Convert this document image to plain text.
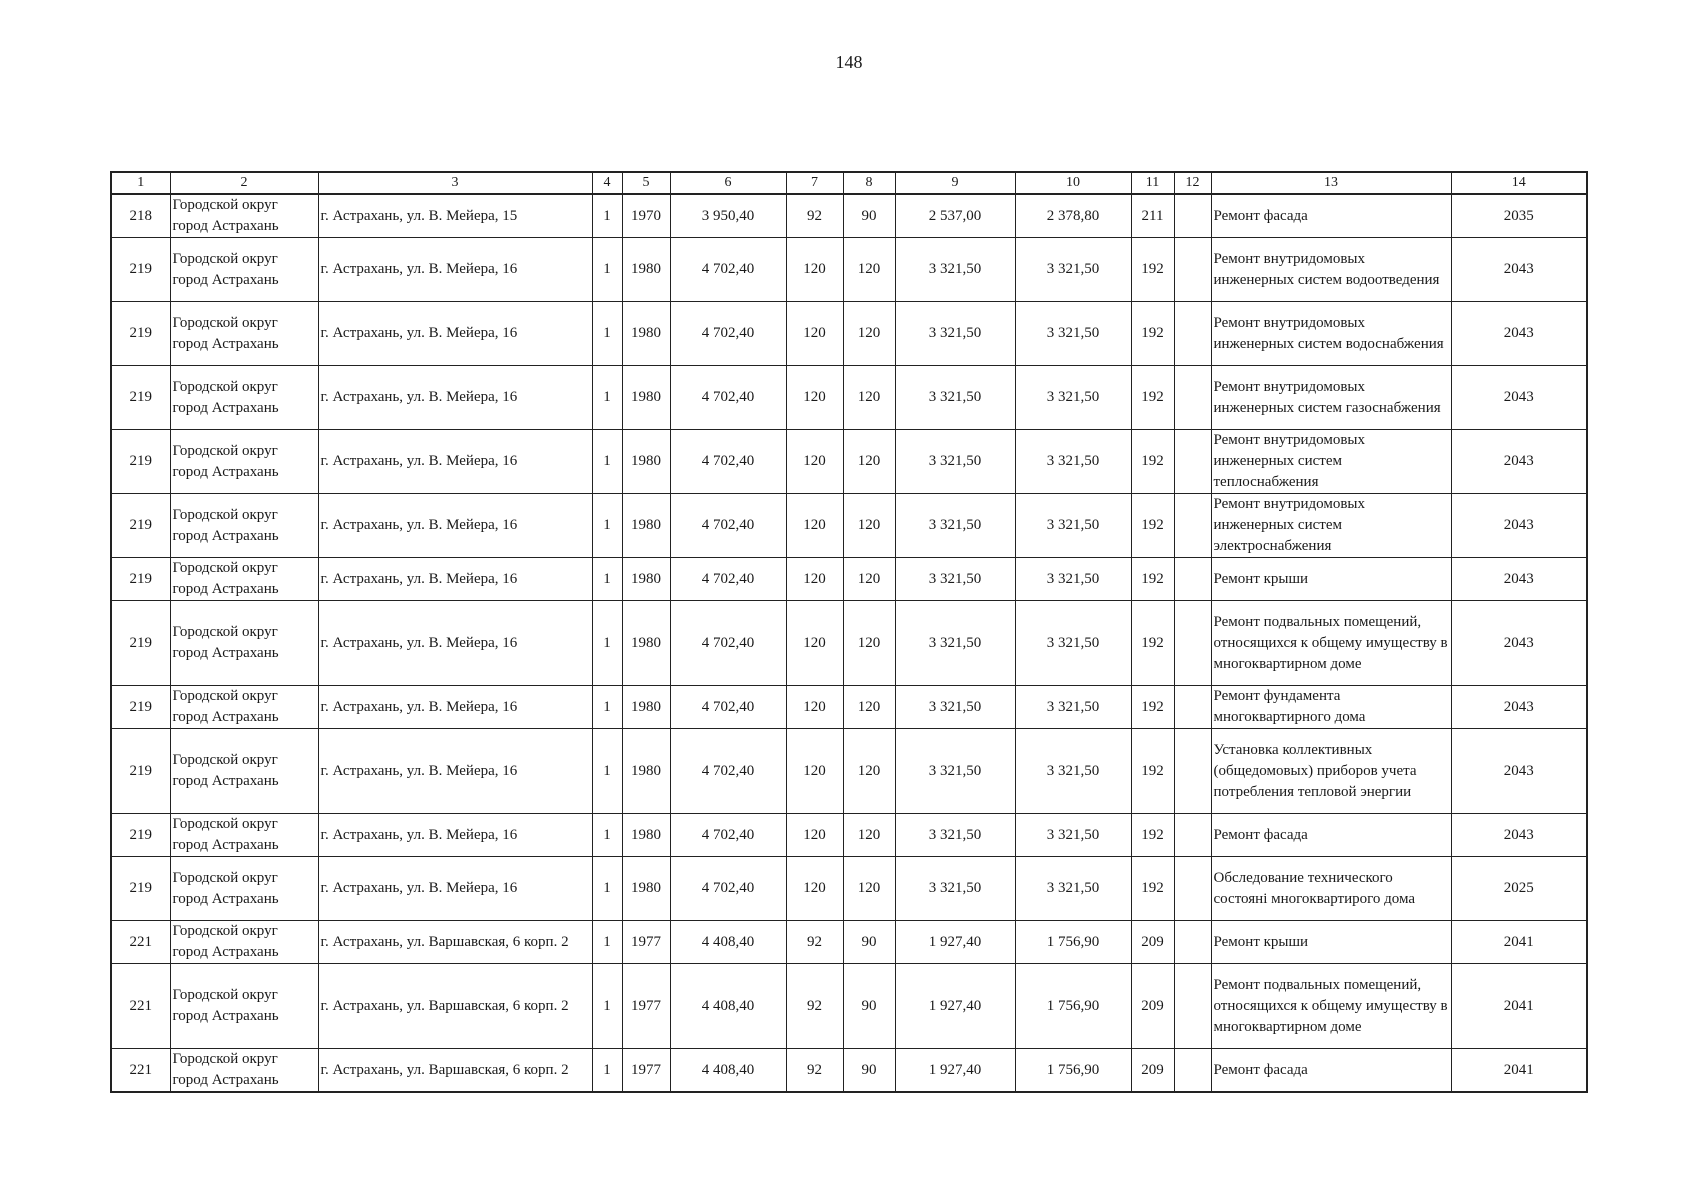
148
1	2	3	4	5	6	7	8	9	10	11	12	13	14
218	Городской округ город Астрахань	г. Астрахань, ул. В. Мейера, 15	1	1970	3 950,40	92	90	2 537,00	2 378,80	211		Ремонт фасада	2035
219	Городской округ город Астрахань	г. Астрахань, ул. В. Мейера, 16	1	1980	4 702,40	120	120	3 321,50	3 321,50	192		Ремонт внутридомовых инженерных систем водоотведения	2043
219	Городской округ город Астрахань	г. Астрахань, ул. В. Мейера, 16	1	1980	4 702,40	120	120	3 321,50	3 321,50	192		Ремонт внутридомовых инженерных систем водоснабжения	2043
219	Городской округ город Астрахань	г. Астрахань, ул. В. Мейера, 16	1	1980	4 702,40	120	120	3 321,50	3 321,50	192		Ремонт внутридомовых инженерных систем газоснабжения	2043
219	Городской округ город Астрахань	г. Астрахань, ул. В. Мейера, 16	1	1980	4 702,40	120	120	3 321,50	3 321,50	192		Ремонт внутридомовых инженерных систем теплоснабжения	2043
219	Городской округ город Астрахань	г. Астрахань, ул. В. Мейера, 16	1	1980	4 702,40	120	120	3 321,50	3 321,50	192		Ремонт внутридомовых инженерных систем электроснабжения	2043
219	Городской округ город Астрахань	г. Астрахань, ул. В. Мейера, 16	1	1980	4 702,40	120	120	3 321,50	3 321,50	192		Ремонт крыши	2043
219	Городской округ город Астрахань	г. Астрахань, ул. В. Мейера, 16	1	1980	4 702,40	120	120	3 321,50	3 321,50	192		Ремонт подвальных помещений, относящихся к общему имуществу в многоквартирном доме	2043
219	Городской округ город Астрахань	г. Астрахань, ул. В. Мейера, 16	1	1980	4 702,40	120	120	3 321,50	3 321,50	192		Ремонт фундамента многоквартирного дома	2043
219	Городской округ город Астрахань	г. Астрахань, ул. В. Мейера, 16	1	1980	4 702,40	120	120	3 321,50	3 321,50	192		Установка коллективных (общедомовых) приборов учета потребления тепловой энергии	2043
219	Городской округ город Астрахань	г. Астрахань, ул. В. Мейера, 16	1	1980	4 702,40	120	120	3 321,50	3 321,50	192		Ремонт фасада	2043
219	Городской округ город Астрахань	г. Астрахань, ул. В. Мейера, 16	1	1980	4 702,40	120	120	3 321,50	3 321,50	192		Обследование технического состоянi многоквартирого дома	2025
221	Городской округ город Астрахань	г. Астрахань, ул. Варшавская, 6 корп. 2	1	1977	4 408,40	92	90	1 927,40	1 756,90	209		Ремонт крыши	2041
221	Городской округ город Астрахань	г. Астрахань, ул. Варшавская, 6 корп. 2	1	1977	4 408,40	92	90	1 927,40	1 756,90	209		Ремонт подвальных помещений, относящихся к общему имуществу в многоквартирном доме	2041
221	Городской округ город Астрахань	г. Астрахань, ул. Варшавская, 6 корп. 2	1	1977	4 408,40	92	90	1 927,40	1 756,90	209		Ремонт фасада	2041
